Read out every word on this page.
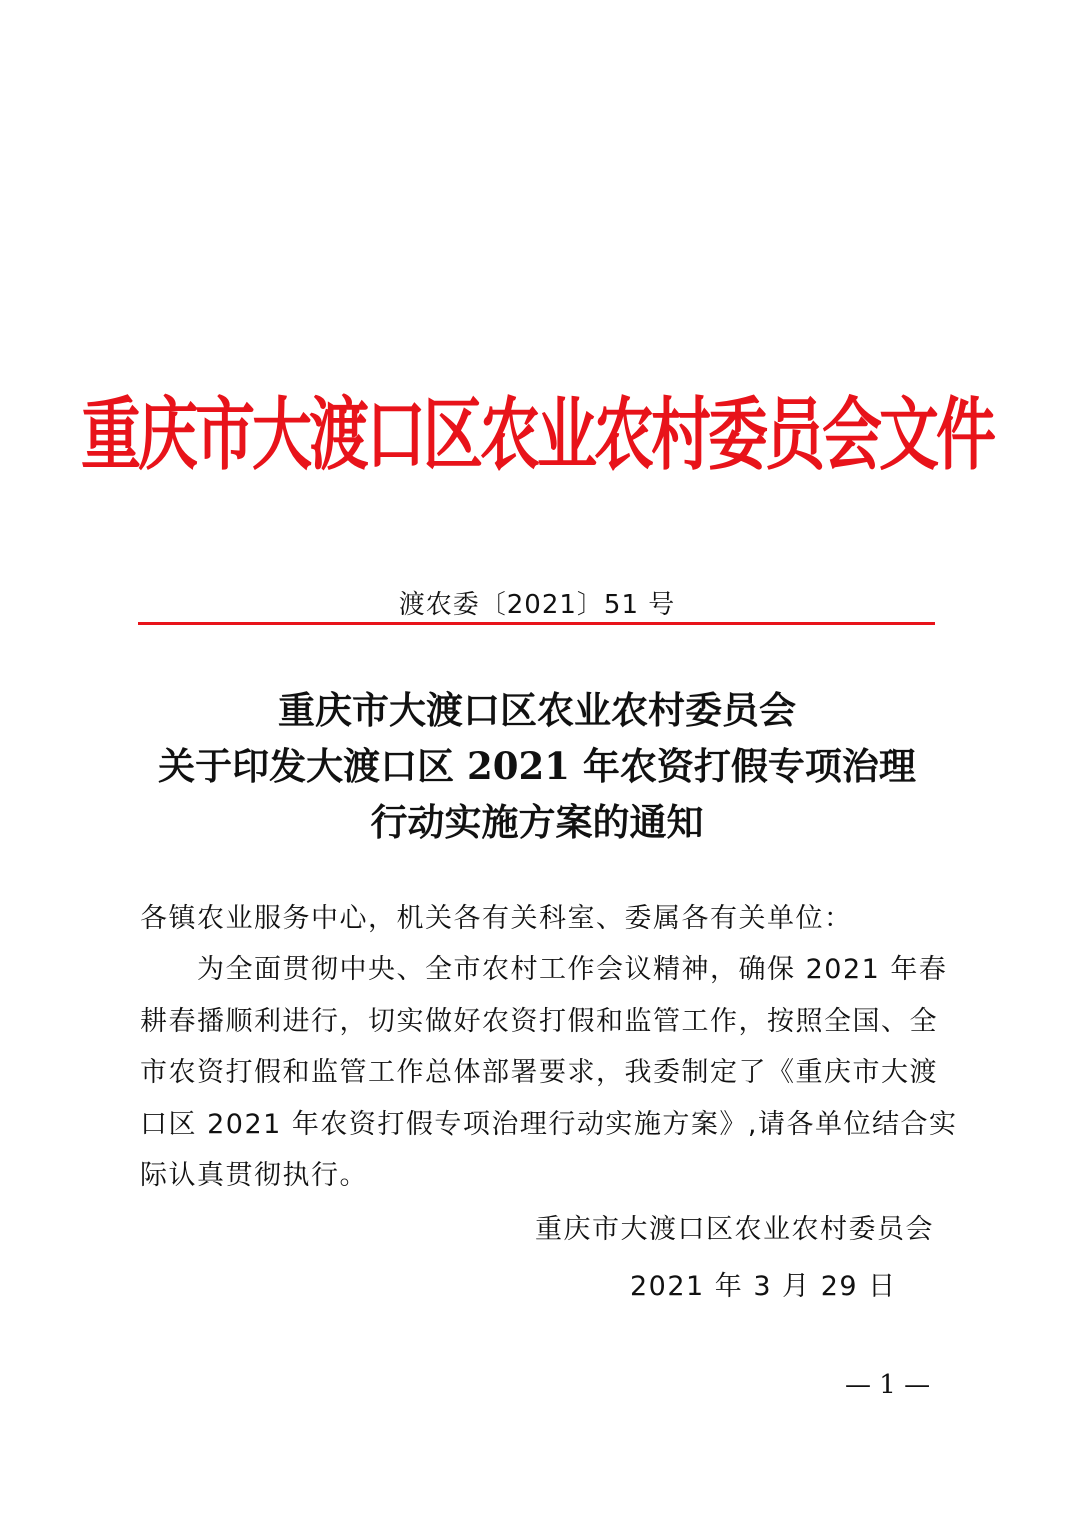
重庆市大渡口区农业农村委员会文件
渡农委〔2021〕51 号
重庆市大渡口区农业农村委员会
关于印发大渡口区 2021 年农资打假专项治理
行动实施方案的通知
各镇农业服务中心，机关各有关科室、委属各有关单位：
　　为全面贯彻中央、全市农村工作会议精神，确保 2021 年春
耕春播顺利进行，切实做好农资打假和监管工作，按照全国、全
市农资打假和监管工作总体部署要求，我委制定了《重庆市大渡
口区 2021 年农资打假专项治理行动实施方案》,请各单位结合实
际认真贯彻执行。
重庆市大渡口区农业农村委员会
2021 年 3 月 29 日
— 1 —
